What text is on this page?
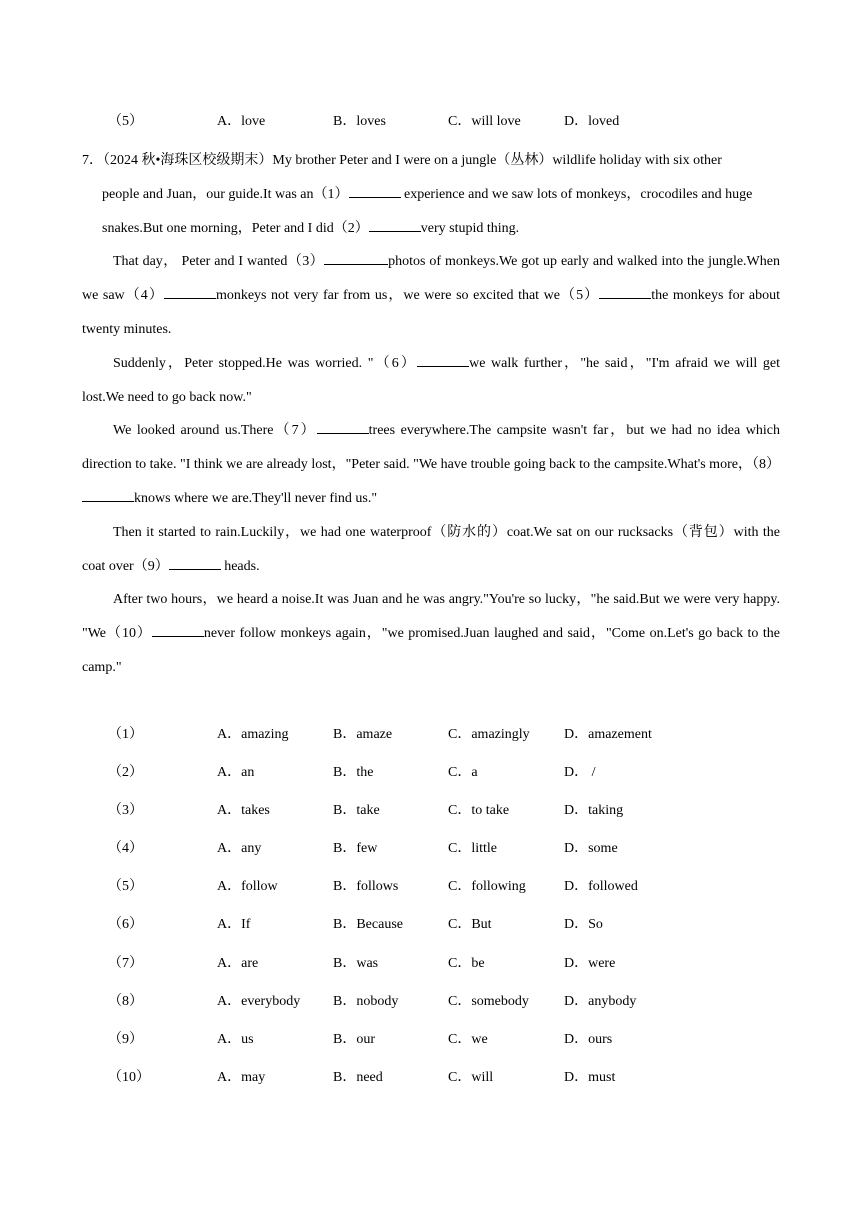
（5）	A．love	B．loves	C．will love	D．loved

7．（2024 秋•海珠区校级期末）My brother Peter and I were on a jungle（丛林）wildlife holiday with six other

people and Juan，our guide.It was an（1）	experience and we saw lots of monkeys，crocodiles and huge
snakes.But one morning，Peter and I did（2）	very stupid thing.

That day， Peter and I wanted（3）	photos of monkeys.We got up early and walked into the jungle.When we saw（4）	monkeys not very far from us，we were so excited that we（5）	the monkeys for about twenty minutes.

Suddenly，Peter stopped.He was worried. "（6）	we walk further，"he said，"I'm afraid we will get lost.We need to go back now."

We looked around us.There（7）	trees everywhere.The campsite wasn't far，but we had no idea which direction to take. "I think we are already lost，"Peter said. "We have trouble going back to the campsite.What's more，（8）knows where we are.They'll never find us."

Then it started to rain.Luckily，we had one waterproof（防水的）coat.We sat on our rucksacks（背包）with the coat over（9）	heads.

After two hours，we heard a noise.It was Juan and he was angry."You're so lucky，"he said.But we were very happy. "We（10）	never follow monkeys again，"we promised.Juan laughed and said，"Come on.Let's go back to the camp."

（1）	A．amazing	B．amaze	C．amazingly D．amazement
（2）	A．an	B．the	C．a	D． /
（3）	A．takes	B．take	C．to take	D．taking
（4）	A．any	B．few	C．little	D．some
（5）	A．follow	B．follows	C．following	D．followed
（6）	A．If	B．Because	C．But	D．So
（7）	A．are	B．was	C．be	D．were
（8）	A．everybody B．nobody	C．somebody	D．anybody
（9）	A．us	B．our	C．we	D．ours
（10）	A．may	B．need	C．will	D．must
